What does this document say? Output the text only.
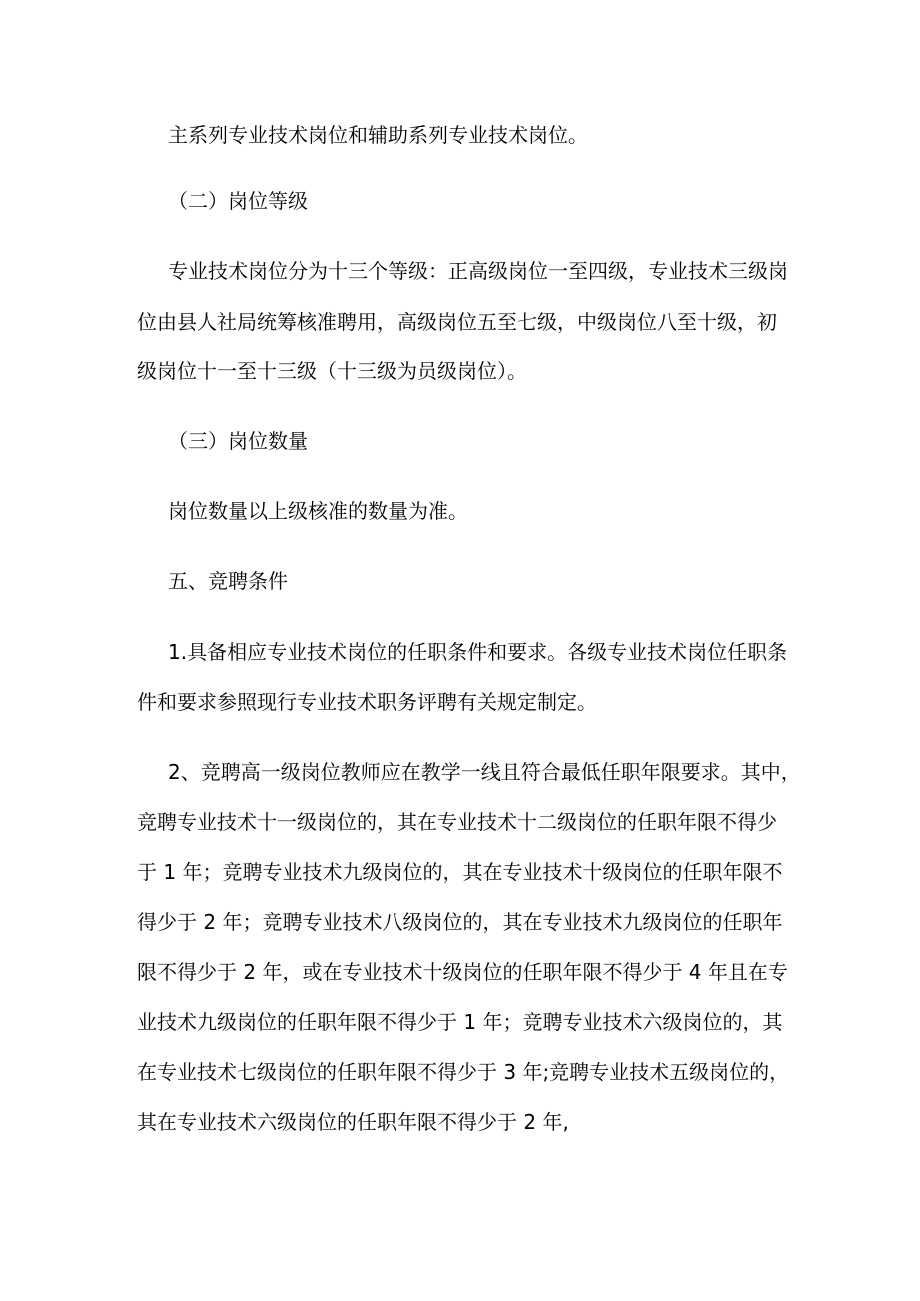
主系列专业技术岗位和辅助系列专业技术岗位。
（二）岗位等级
专业技术岗位分为十三个等级：正高级岗位一至四级，专业技术三级岗
位由县人社局统筹核准聘用，高级岗位五至七级，中级岗位八至十级，初
级岗位十一至十三级（十三级为员级岗位）。
（三）岗位数量
岗位数量以上级核准的数量为准。
五、竞聘条件
1.具备相应专业技术岗位的任职条件和要求。各级专业技术岗位任职条
件和要求参照现行专业技术职务评聘有关规定制定。
2、竞聘高一级岗位教师应在教学一线且符合最低任职年限要求。其中，
竞聘专业技术十一级岗位的，其在专业技术十二级岗位的任职年限不得少
于 1 年；竞聘专业技术九级岗位的，其在专业技术十级岗位的任职年限不
得少于 2 年；竞聘专业技术八级岗位的，其在专业技术九级岗位的任职年
限不得少于 2 年，或在专业技术十级岗位的任职年限不得少于 4 年且在专
业技术九级岗位的任职年限不得少于 1 年；竞聘专业技术六级岗位的，其
在专业技术七级岗位的任职年限不得少于 3 年;竞聘专业技术五级岗位的，
其在专业技术六级岗位的任职年限不得少于 2 年,
